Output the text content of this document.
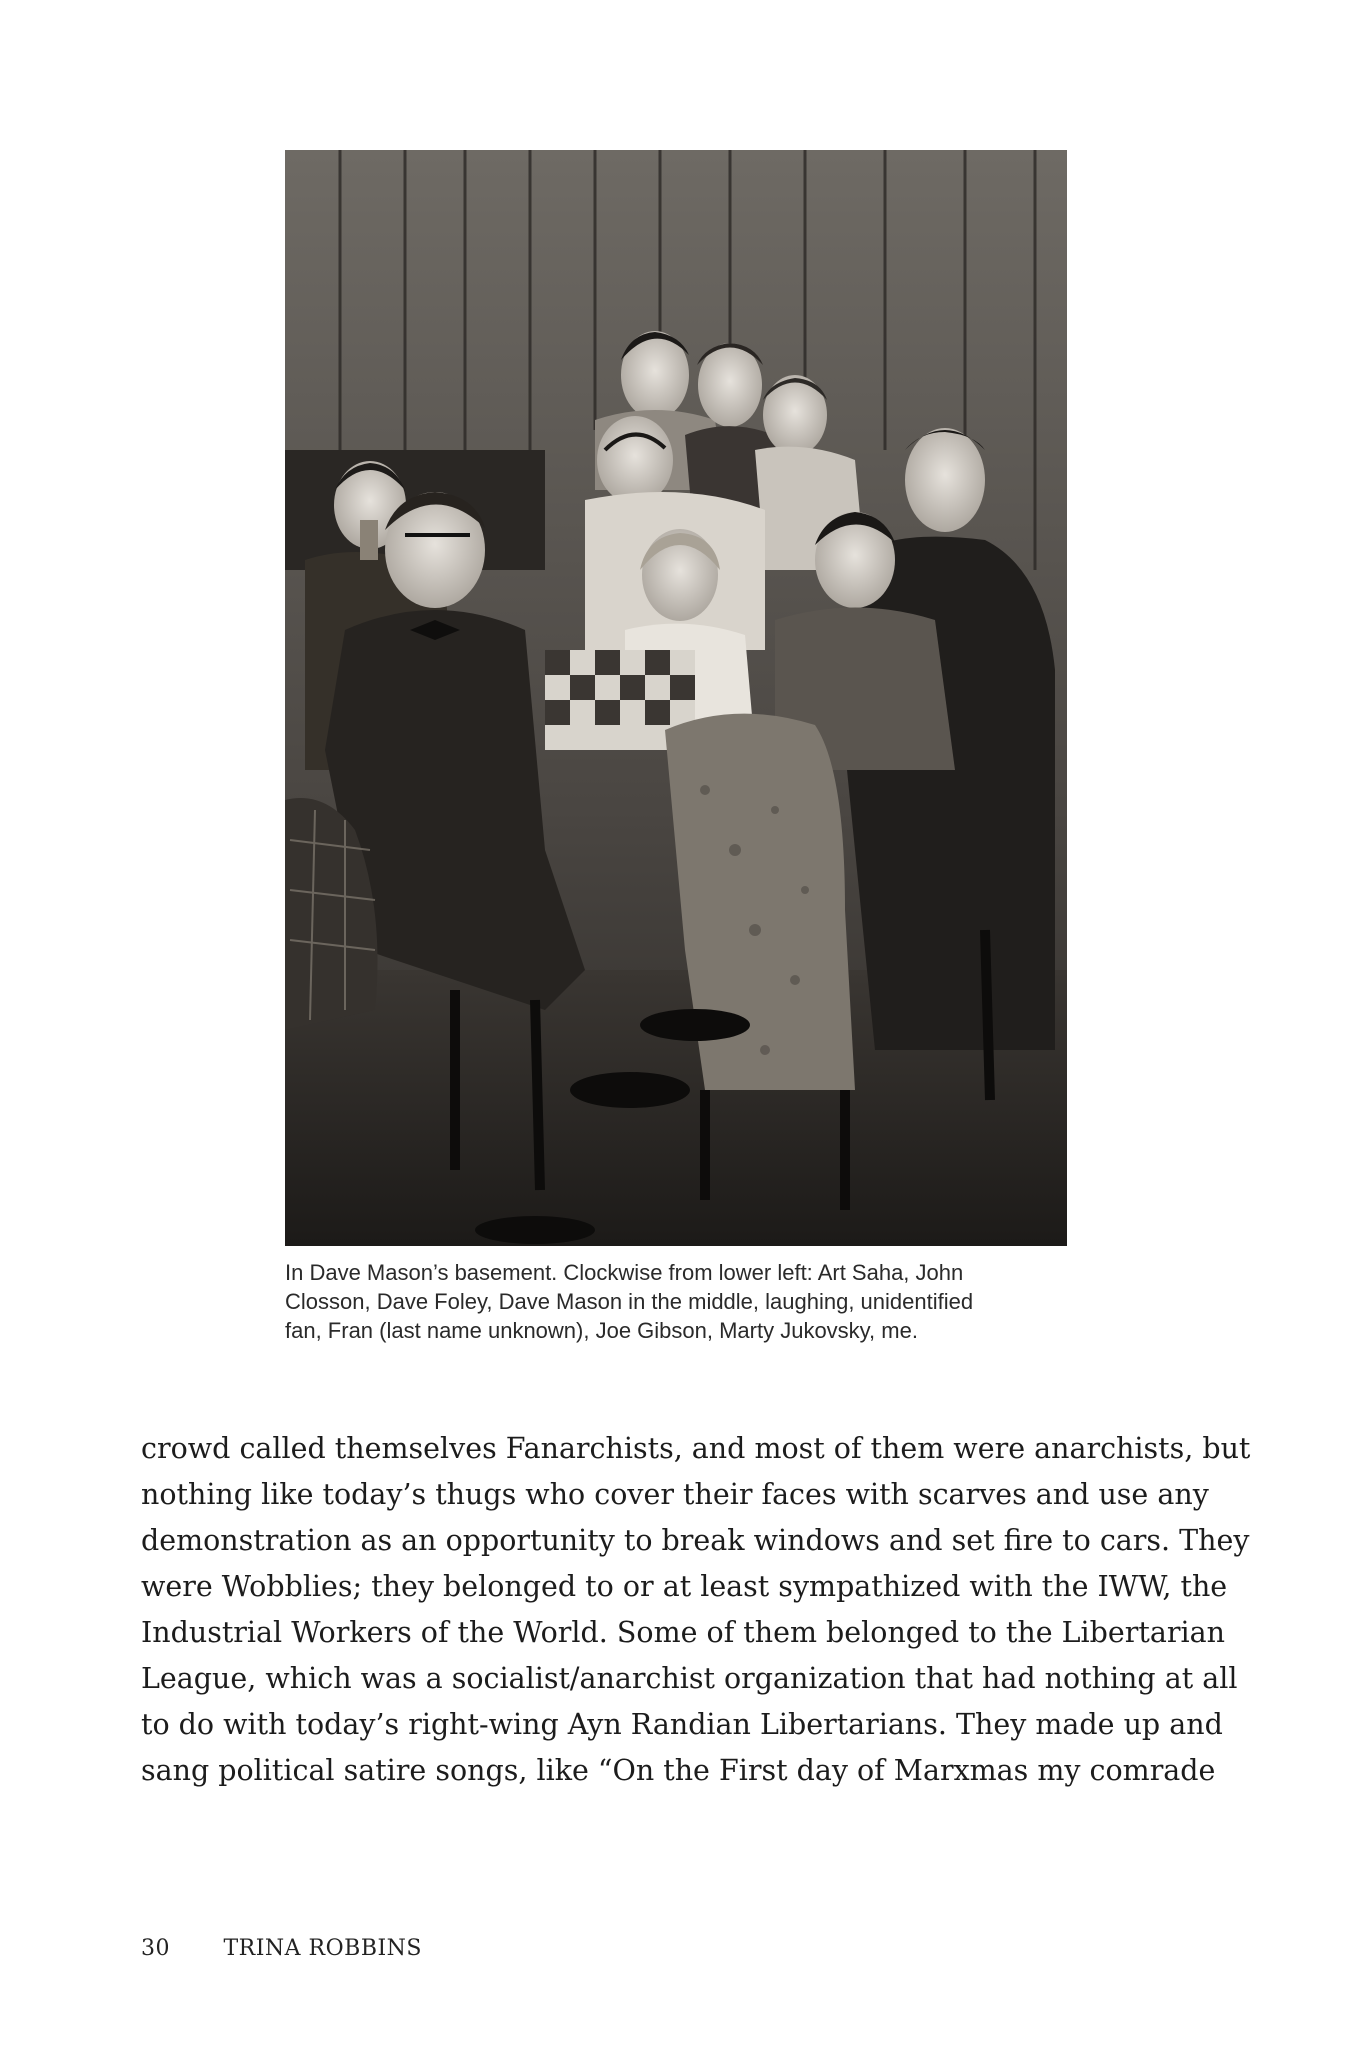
In Dave Mason’s basement. Clockwise from lower left: Art Saha, John

Closson, Dave Foley, Dave Mason in the middle, laughing, unidentified

fan, Fran (last name unknown), Joe Gibson, Marty Jukovsky, me.

crowd called themselves Fanarchists, and most of them were anarchists, but
nothing like today’s thugs who cover their faces with scarves and use any
demonstration as an opportunity to break windows and set fire to cars. They
were Wobblies; they belonged to or at least sympathized with the IWW, the
Industrial Workers of the World. Some of them belonged to the Libertarian
League, which was a socialist/anarchist organization that had nothing at all
to do with today’s right-wing Ayn Randian Libertarians. They made up and
sang political satire songs, like “On the First day of Marxmas my comrade
30 TRINA ROBBINS
